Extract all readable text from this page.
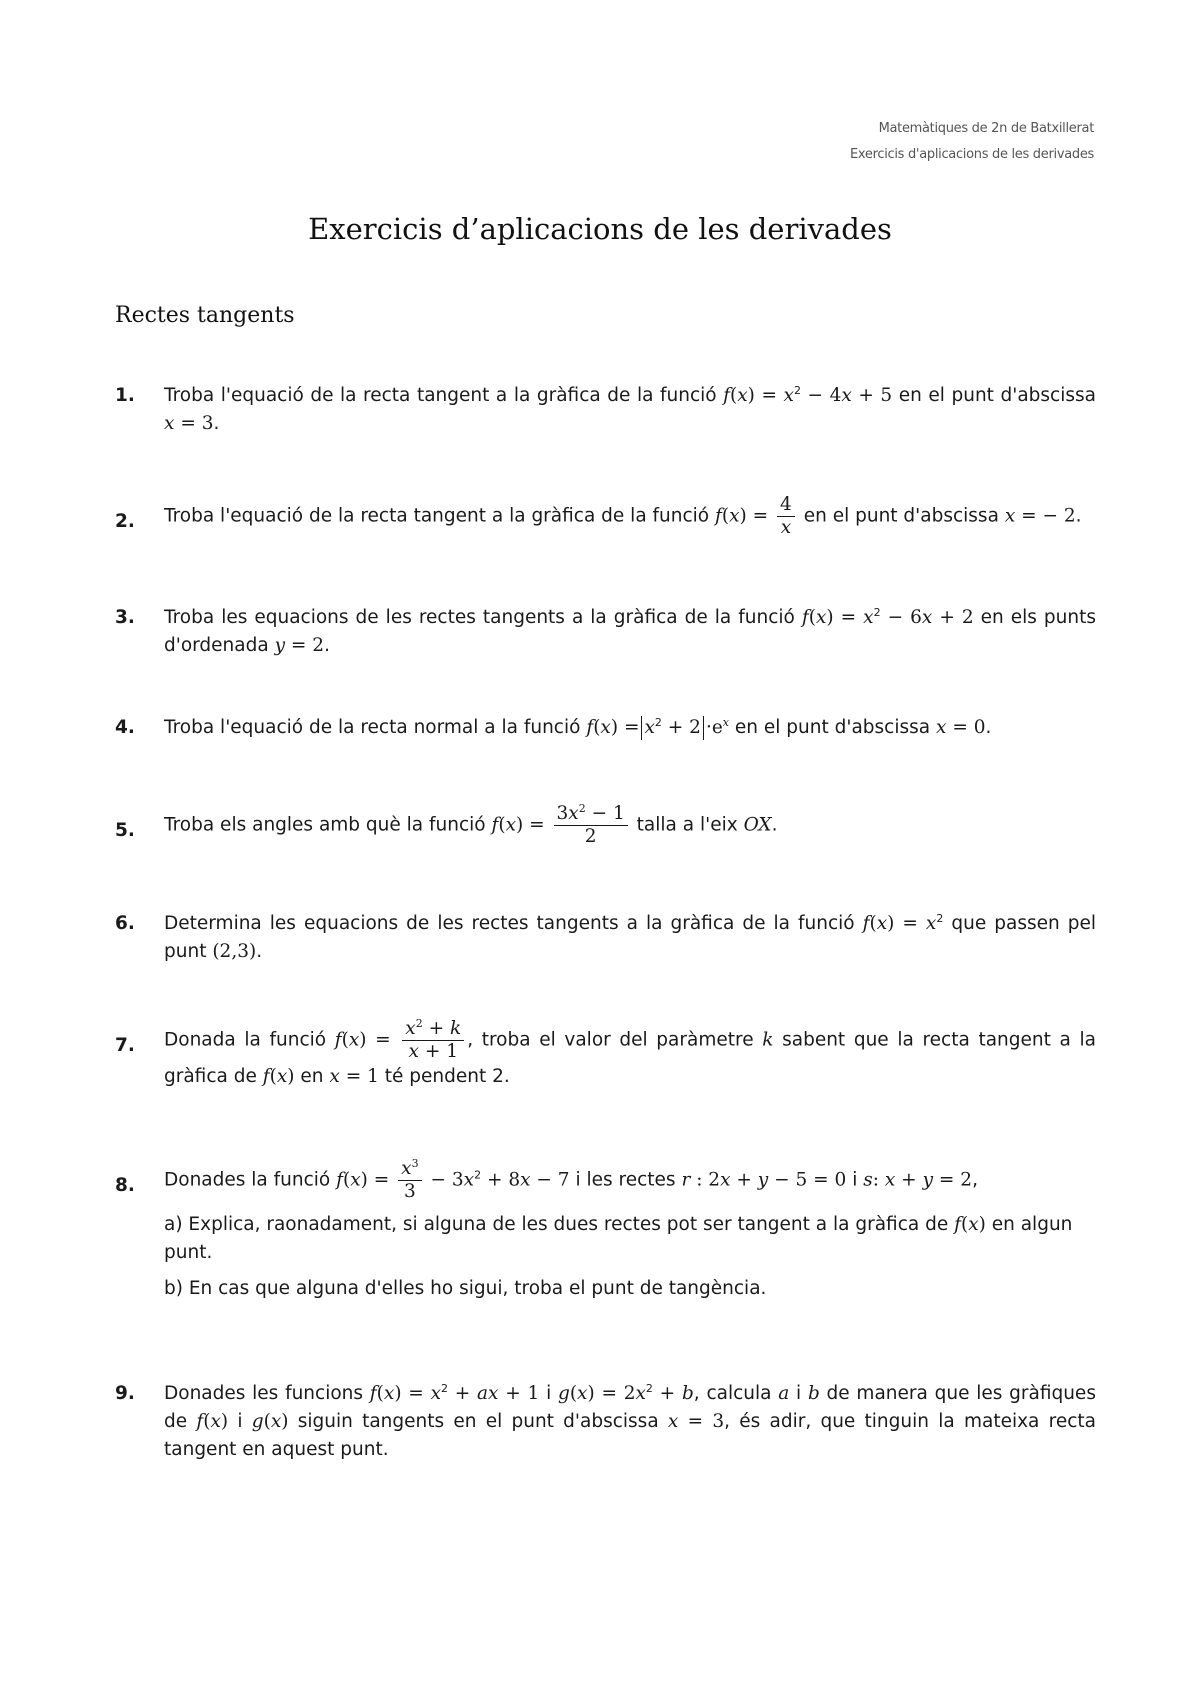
Matemàtiques de 2n de Batxillerat
Exercicis d'aplicacions de les derivades
Exercicis d’aplicacions de les derivades
Rectes tangents
1. Troba l'equació de la recta tangent a la gràfica de la funció $f(x) = x^2 - 4x + 5$ en el punt d'abscissa x = 3.
2. Troba l'equació de la recta tangent a la gràfica de la funció $f(x) = \frac{4}{x}$ en el punt d'abscissa x = − 2.
3. Troba les equacions de les rectes tangents a la gràfica de la funció $f(x) = x^2 - 6x + 2$ en els punts d'ordenada y = 2.
4. Troba l'equació de la recta normal a la funció $f(x) = x^2 + 2 \cdot e^x$ en el punt d'abscissa x = 0.
5. Troba els angles amb què la funció $f(x) = \frac{3x^2 - 1}{2}$ talla a l'eix OX.
6. Determina les equacions de les rectes tangents a la gràfica de la funció $f(x) = x^2$ que passen pel punt (2,3).
7. Donada la funció $f(x) = \frac{x^2 + k}{x + 1}$ , troba el valor del paràmetre k sabent que la recta tangent a la gràfica de f(x) en x = 1 té pendent 2.
8. Donades la funció $f(x) = \frac{x^3}{3} - 3x^2 + 8x - 7$ i les rectes r : 2x + y − 5 = 0 i s: x + y = 2,
a) Explica, raonadament, si alguna de les dues rectes pot ser tangent a la gràfica de f(x) en algun punt.
b) En cas que alguna d'elles ho sigui, troba el punt de tangència.
9. Donades les funcions $f(x) = x^2$ + ax + 1 i $g(x) = 2x^2 + b$, calcula a i b de manera que les gràfiques de f(x) i g(x) siguin tangents en el punt d'abscissa x = 3, és adir, que tinguin la mateixa recta tangent en aquest punt.
